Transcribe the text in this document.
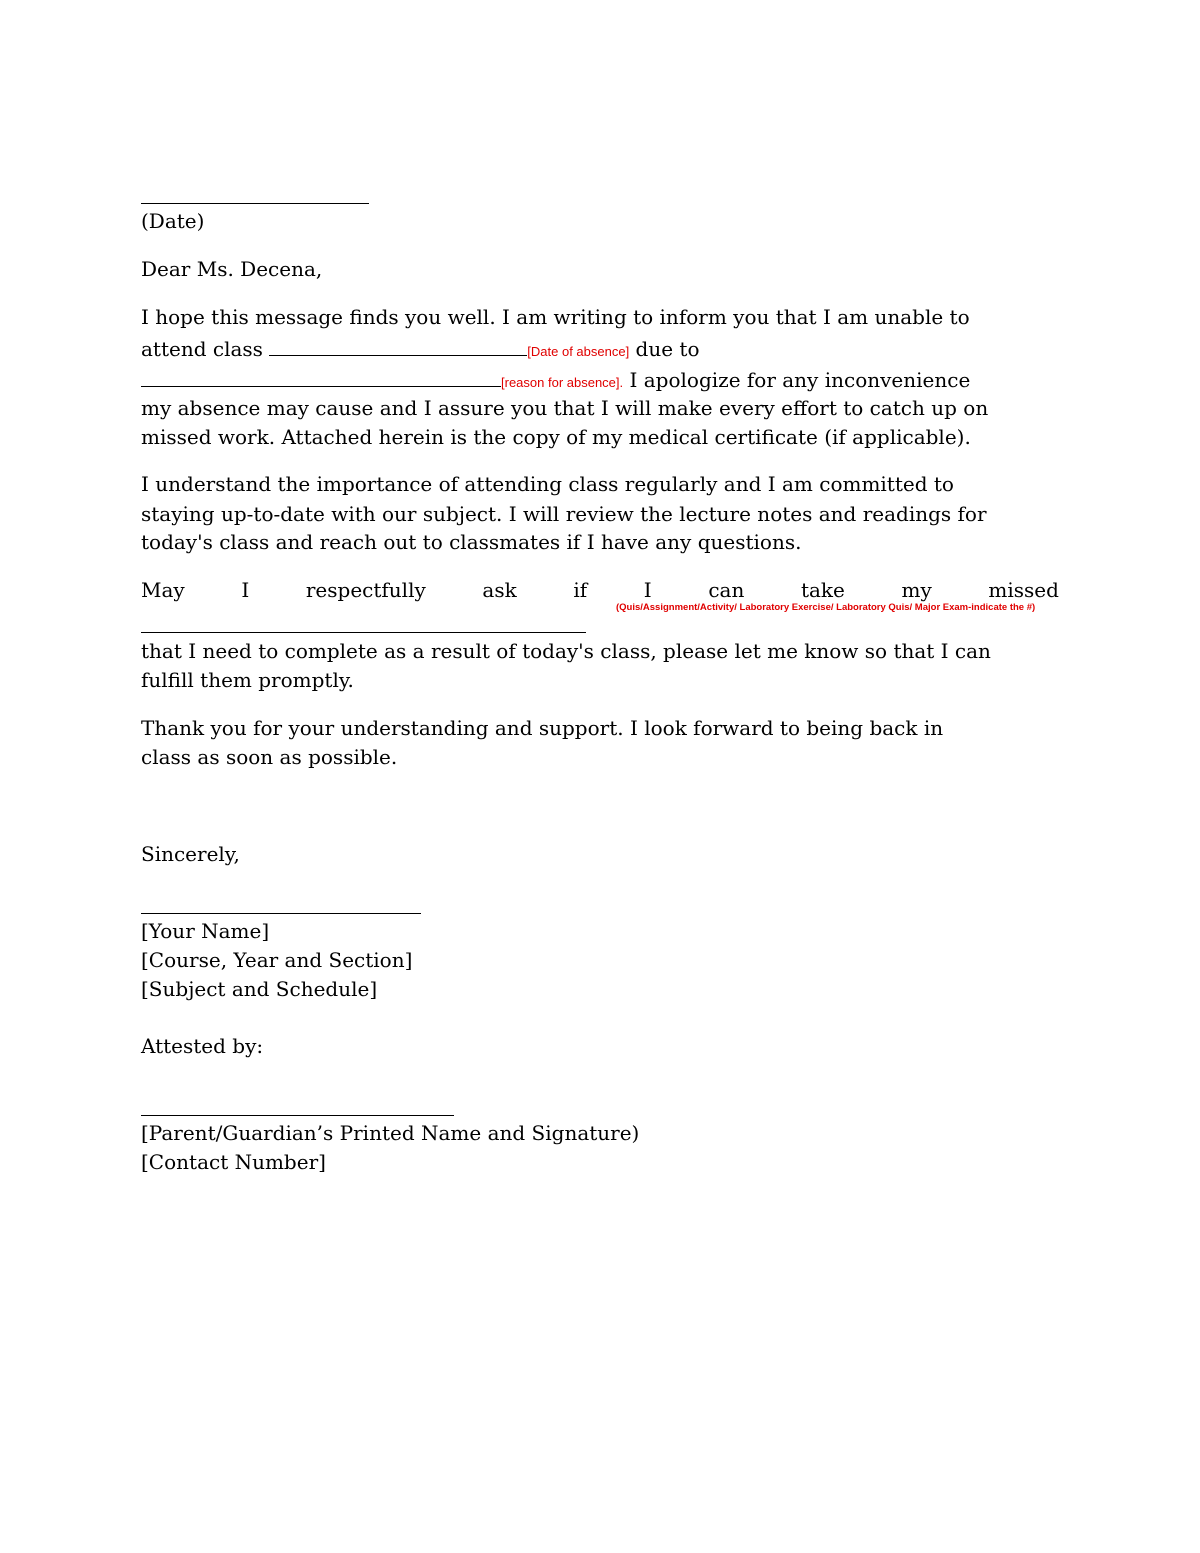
(Date)
Dear Ms. Decena,
I hope this message finds you well. I am writing to inform you that I am unable to
attend class	[Date of absence] due to
[reason for absence]. I apologize for any inconvenience
my absence may cause and I assure you that I will make every effort to catch up on
missed work. Attached herein is the copy of my medical certificate (if applicable).
I understand the importance of attending class regularly and I am committed to
staying up-to-date with our subject. I will review the lecture notes and readings for
today's class and reach out to classmates if I have any questions.
May	I	respectfully	ask	if	I	can	take	my	missed
(Quis/Assignment/Activity/ Laboratory Exercise/ Laboratory Quis/ Major Exam-indicate the #)
that I need to complete as a result of today's class, please let me know so that I can
fulfill them promptly.
Thank you for your understanding and support. I look forward to being back in
class as soon as possible.
Sincerely,
[Your Name]
[Course, Year and Section]
[Subject and Schedule]
Attested by:
[Parent/Guardian’s Printed Name and Signature)
[Contact Number]
